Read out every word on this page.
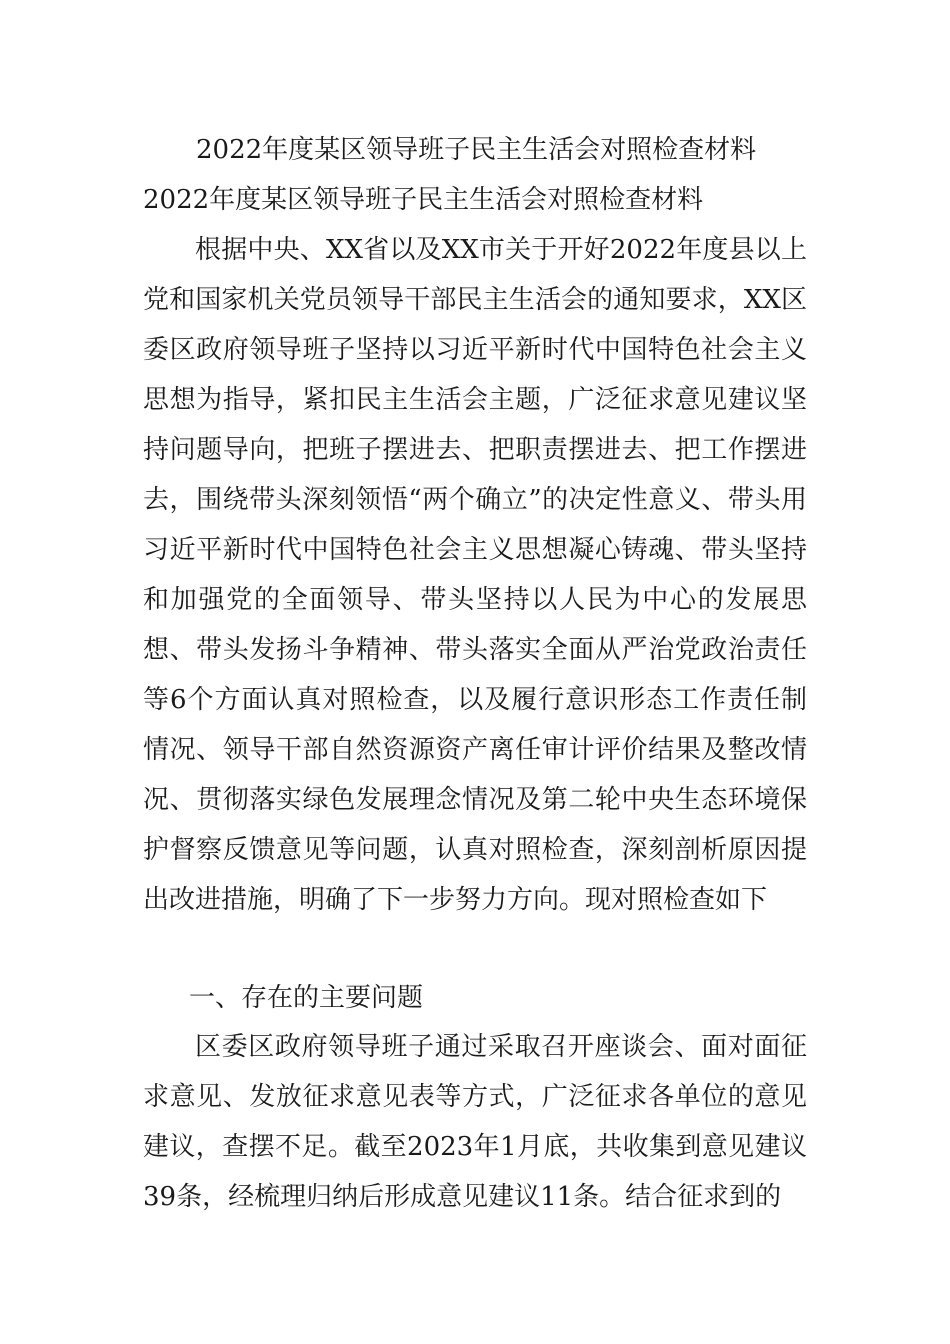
2022年度某区领导班子民主生活会对照检查材料
2022年度某区领导班子民主生活会对照检查材料

根据中央、XX省以及XX市关于开好2022年度县以上党和国家机关党员领导干部民主生活会的通知要求，XX区委区政府领导班子坚持以习近平新时代中国特色社会主义思想为指导，紧扣民主生活会主题，广泛征求意见建议坚持问题导向，把班子摆进去、把职责摆进去、把工作摆进去，围绕带头深刻领悟“两个确立”的决定性意义、带头用习近平新时代中国特色社会主义思想凝心铸魂、带头坚持和加强党的全面领导、带头坚持以人民为中心的发展思想、带头发扬斗争精神、带头落实全面从严治党政治责任等6个方面认真对照检查，以及履行意识形态工作责任制情况、领导干部自然资源资产离任审计评价结果及整改情况、贯彻落实绿色发展理念情况及第二轮中央生态环境保护督察反馈意见等问题，认真对照检查，深刻剖析原因提出改进措施，明确了下一步努力方向。现对照检查如下

一、存在的主要问题

区委区政府领导班子通过采取召开座谈会、面对面征求意见、发放征求意见表等方式，广泛征求各单位的意见建议，查摆不足。截至2023年1月底，共收集到意见建议39条，经梳理归纳后形成意见建议11条。结合征求到的
